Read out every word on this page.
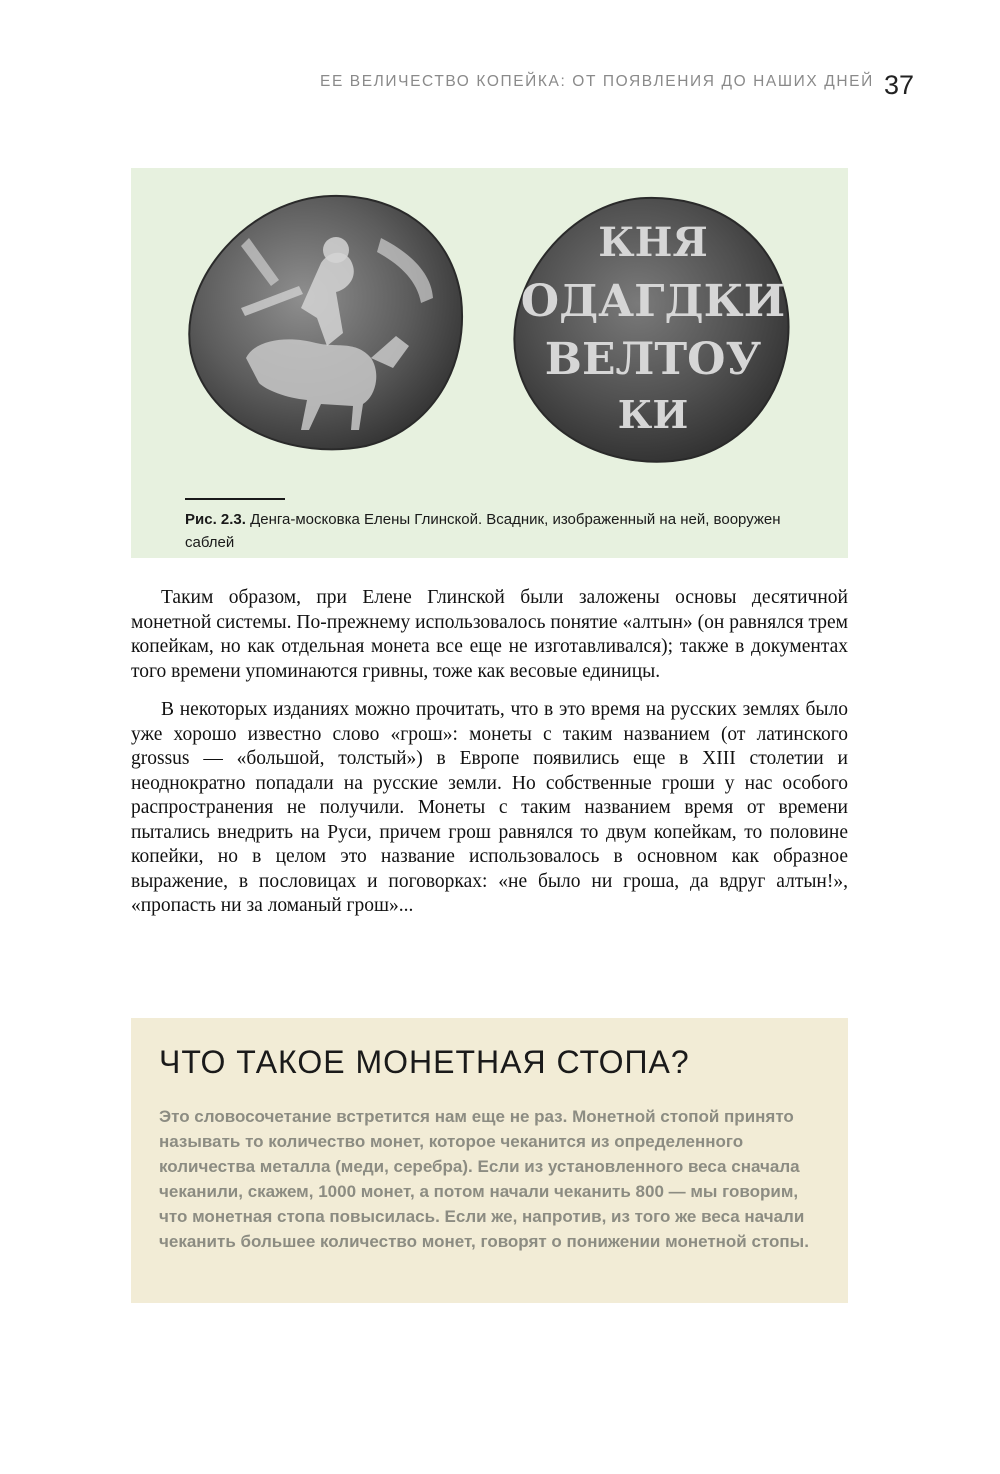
ЕЕ ВЕЛИЧЕСТВО КОПЕЙКА: ОТ ПОЯВЛЕНИЯ ДО НАШИХ ДНЕЙ 37
КНЯ
ОДАГДКИ
ВЕЛТОУ
КИ
Рис. 2.3. Денга-московка Елены Глинской. Всадник, изображенный на ней, вооружен саблей

Таким образом, при Елене Глинской были заложены основы десятичной монетной системы. По-прежнему использовалось понятие «алтын» (он равнялся трем копейкам, но как отдельная монета все еще не изготавливался); также в документах того времени упоминаются гривны, тоже как весовые единицы.

В некоторых изданиях можно прочитать, что в это время на русских землях было уже хорошо известно слово «грош»: монеты с таким названием (от латинского grossus — «большой, толстый») в Европе появились еще в XIII столетии и неоднократно попадали на русские земли. Но собственные гроши у нас особого распространения не получили. Монеты с таким названием время от времени пытались внедрить на Руси, причем грош равнялся то двум копейкам, то половине копейки, но в целом это название использовалось в основном как образное выражение, в пословицах и поговорках: «не было ни гроша, да вдруг алтын!», «пропасть ни за ломаный грош»...

ЧТО ТАКОЕ МОНЕТНАЯ СТОПА?
Это словосочетание встретится нам еще не раз. Монетной стопой принято называть то количество монет, которое чеканится из определенного количества металла (меди, серебра). Если из установленного веса сначала чеканили, скажем, 1000 монет, а потом начали чеканить 800 — мы говорим, что монетная стопа повысилась. Если же, напротив, из того же веса начали чеканить большее количество монет, говорят о понижении монетной стопы.
